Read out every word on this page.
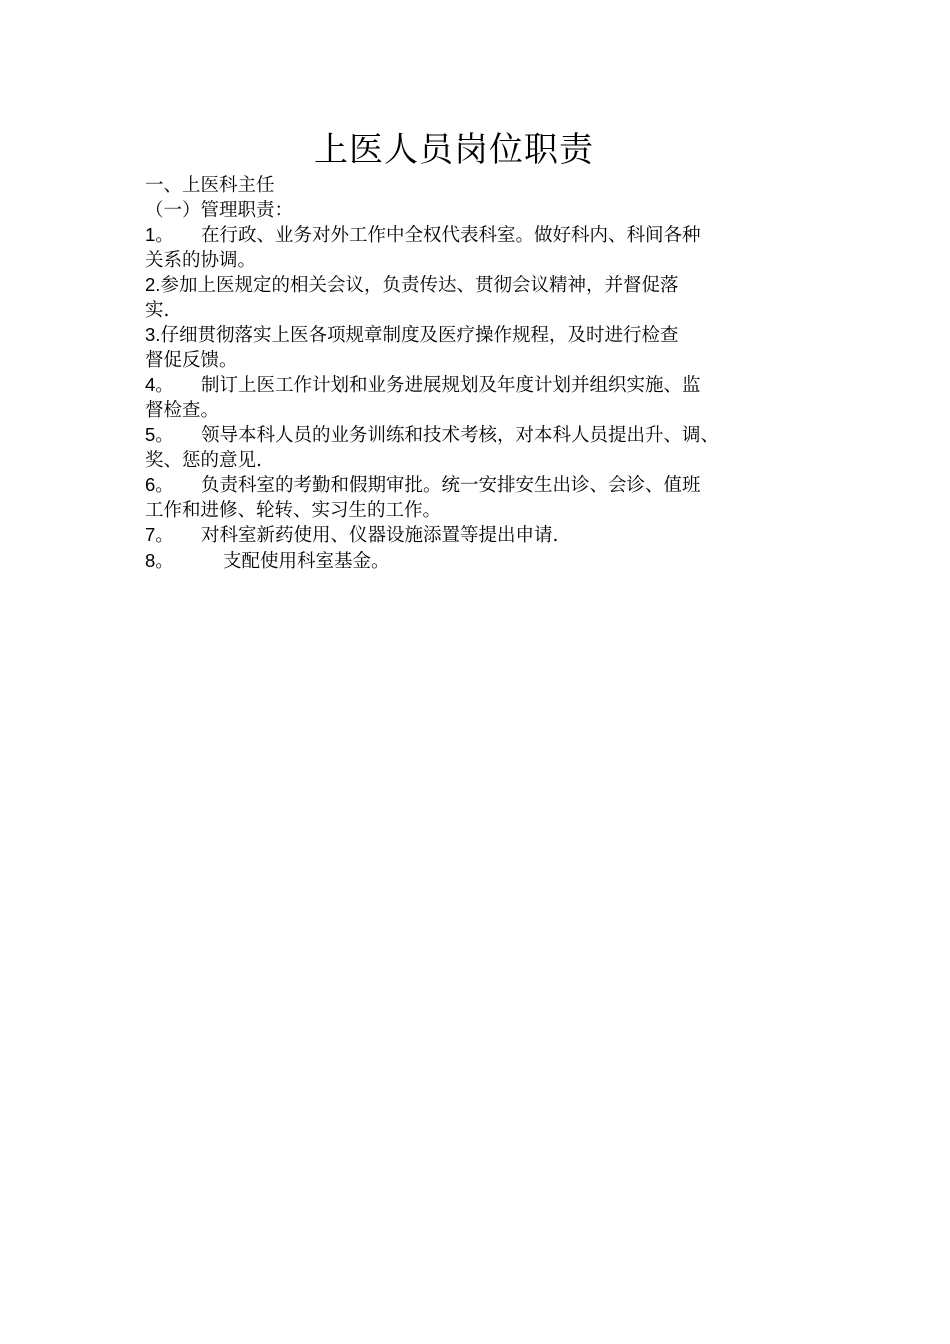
上医人员岗位职责
一、上医科主任
（一）管理职责：
1。 在行政、业务对外工作中全权代表科室。做好科内、科间各种
关系的协调。
2.参加上医规定的相关会议，负责传达、贯彻会议精神，并督促落
实.
3.仔细贯彻落实上医各项规章制度及医疗操作规程，及时进行检查
督促反馈。
4。 制订上医工作计划和业务进展规划及年度计划并组织实施、监
督检查。
5。 领导本科人员的业务训练和技术考核，对本科人员提出升、调、
奖、惩的意见.
6。 负责科室的考勤和假期审批。统一安排安生出诊、会诊、值班
工作和进修、轮转、实习生的工作。
7。 对科室新药使用、仪器设施添置等提出申请.
8。	支配使用科室基金。
